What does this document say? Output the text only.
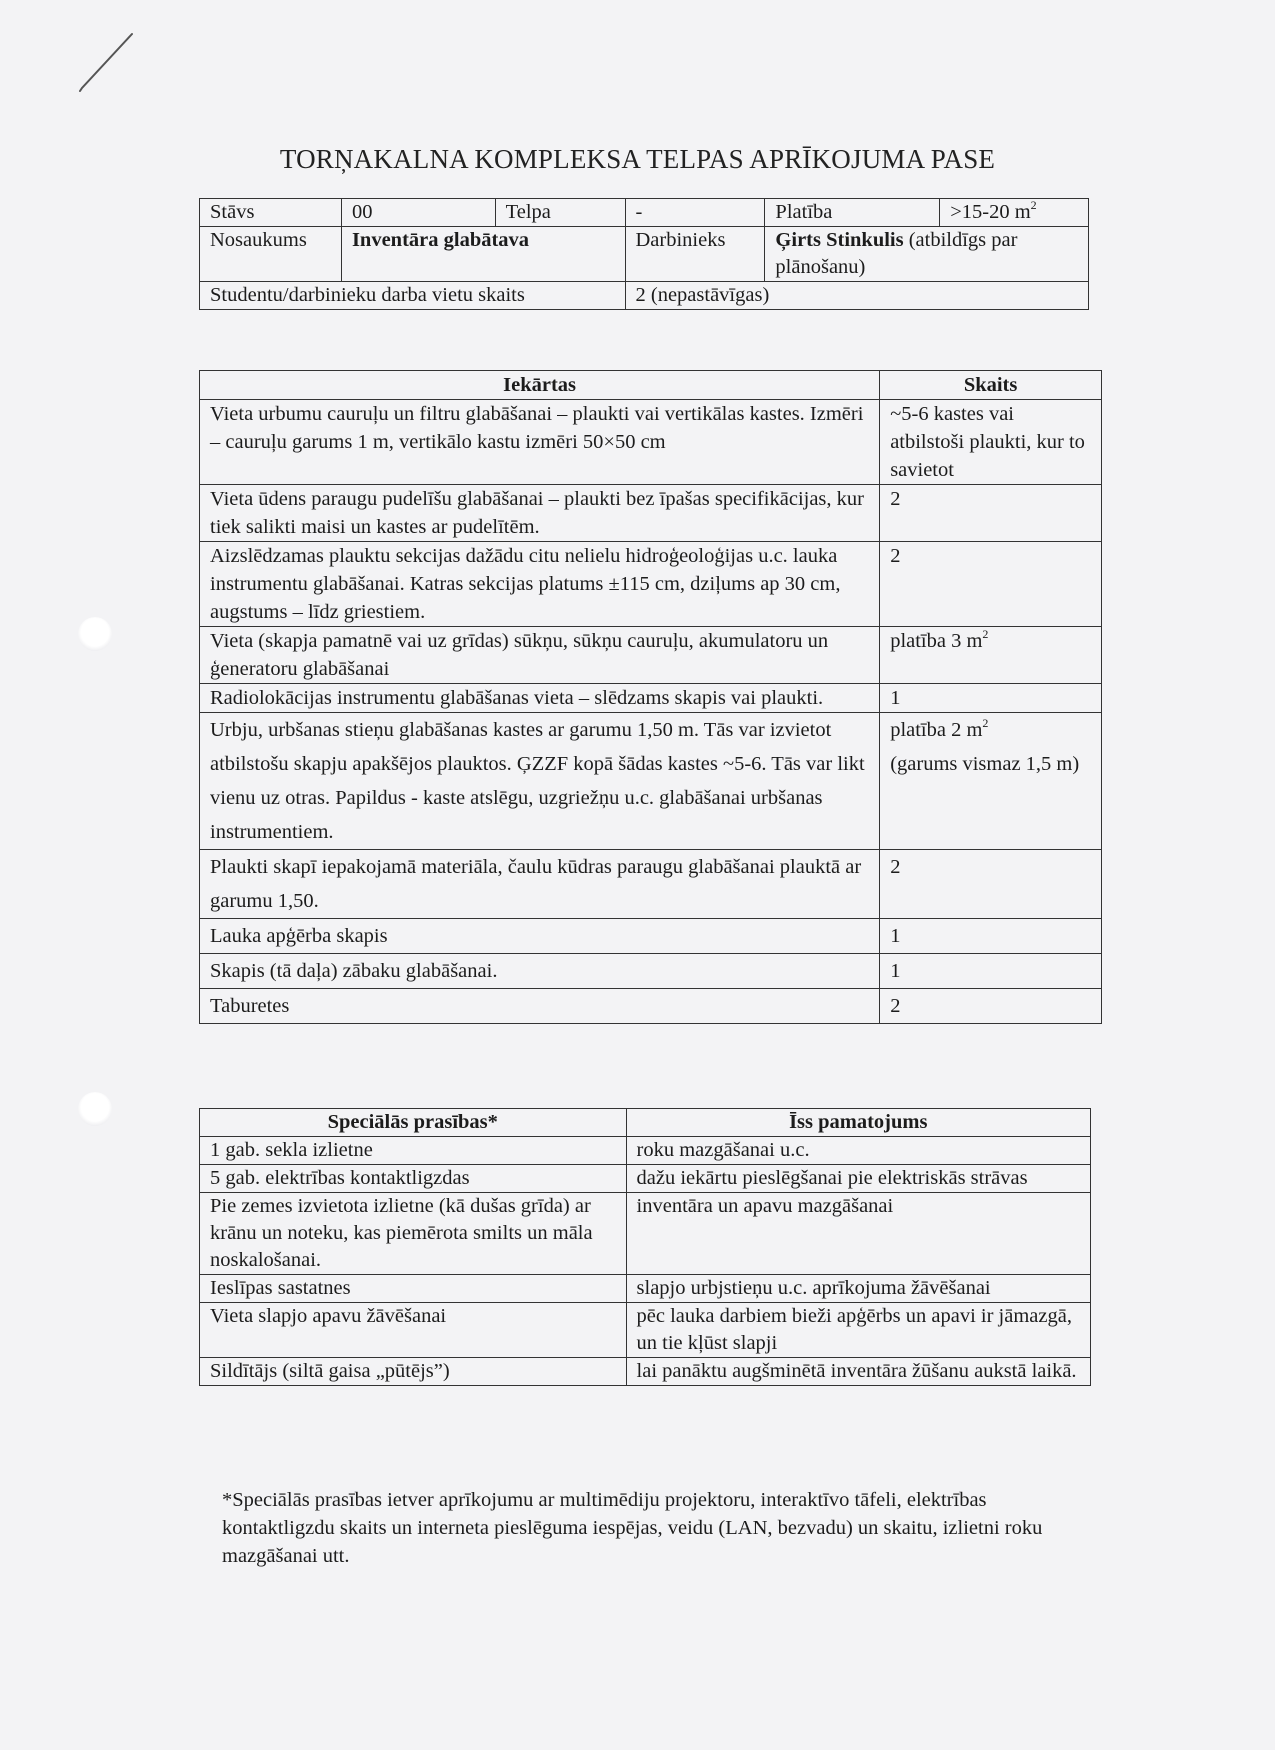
TORŅAKALNA KOMPLEKSA TELPAS APRĪKOJUMA PASE
Stāvs	00	Telpa	-	Platība	>15-20 $m^2$
Nosaukums	Inventāra glabātava		Darbinieks	Ģirts Stinkulis (atbildīgs par plānošanu)	
Studentu/darbinieku darba vietu skaits			2 (nepastāvīgas)		
Iekārtas	Skaits
Vieta urbumu cauruļu un filtru glabāšanai – plaukti vai vertikālas kastes. Izmēri – cauruļu garums 1 m, vertikālo kastu izmēri 50×50 cm	~5-6 kastes vai atbilstoši plaukti, kur to savietot
Vieta ūdens paraugu pudelīšu glabāšanai – plaukti bez īpašas specifikācijas, kur tiek salikti maisi un kastes ar pudelītēm.	2
Aizslēdzamas plauktu sekcijas dažādu citu nelielu hidroģeoloģijas u.c. lauka instrumentu glabāšanai. Katras sekcijas platums ±115 cm, dziļums ap 30 cm, augstums – līdz griestiem.	2
Vieta (skapja pamatnē vai uz grīdas) sūkņu, sūkņu cauruļu, akumulatoru un ģeneratoru glabāšanai	platība 3 $m^2$
Radiolokācijas instrumentu glabāšanas vieta – slēdzams skapis vai plaukti.	1
Urbju, urbšanas stieņu glabāšanas kastes ar garumu 1,50 m. Tās var izvietot atbilstošu skapju apakšējos plauktos. ĢZZF kopā šādas kastes ~5-6. Tās var likt vienu uz otras. Papildus - kaste atslēgu, uzgriežņu u.c. glabāšanai urbšanas instrumentiem.	platība 2 $m^2$
(garums vismaz 1,5 m)
Plaukti skapī iepakojamā materiāla, čaulu kūdras paraugu glabāšanai plauktā ar garumu 1,50.	2
Lauka apģērba skapis	1
Skapis (tā daļa) zābaku glabāšanai.	1
Taburetes	2
Speciālās prasības*	Īss pamatojums
1 gab. sekla izlietne	roku mazgāšanai u.c.
5 gab. elektrības kontaktligzdas	dažu iekārtu pieslēgšanai pie elektriskās strāvas
Pie zemes izvietota izlietne (kā dušas grīda) ar krānu un noteku, kas piemērota smilts un māla noskalošanai.	inventāra un apavu mazgāšanai
Ieslīpas sastatnes	slapjo urbjstieņu u.c. aprīkojuma žāvēšanai
Vieta slapjo apavu žāvēšanai	pēc lauka darbiem bieži apģērbs un apavi ir jāmazgā, un tie kļūst slapji
Sildītājs (siltā gaisa „pūtējs”)	lai panāktu augšminētā inventāra žūšanu aukstā laikā.
*Speciālās prasības ietver aprīkojumu ar multimēdiju projektoru, interaktīvo tāfeli, elektrības kontaktligzdu skaits un interneta pieslēguma iespējas, veidu (LAN, bezvadu) un skaitu, izlietni roku mazgāšanai utt.
